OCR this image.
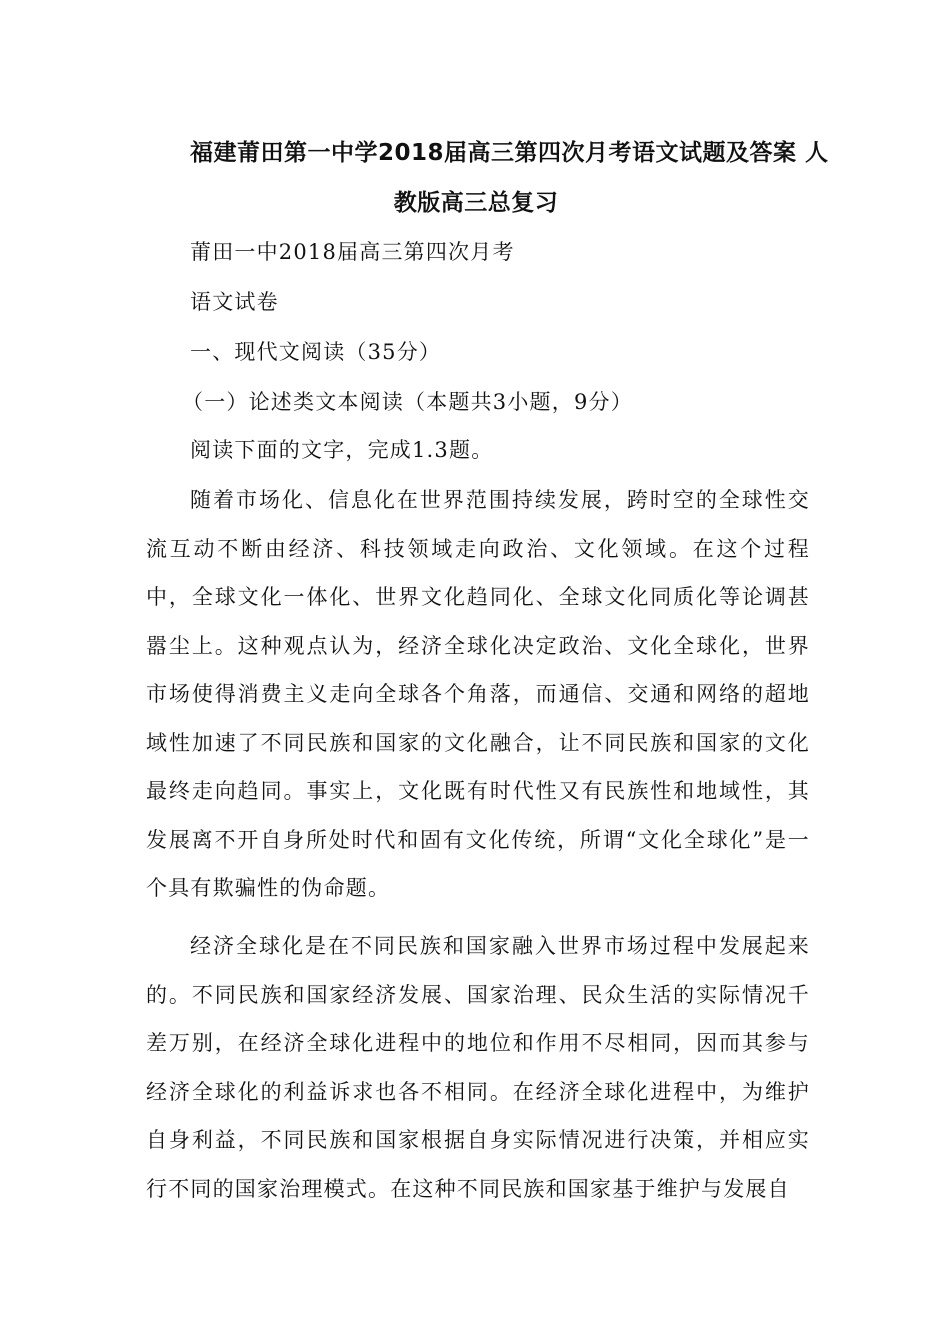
福建莆田第一中学2018届高三第四次月考语文试题及答案 人
教版高三总复习
莆田一中2018届高三第四次月考
语文试卷
一、现代文阅读（35分）
（一）论述类文本阅读（本题共3小题，9分）
阅读下面的文字，完成1.3题。

随着市场化、信息化在世界范围持续发展，跨时空的全球性交流互动不断由经济、科技领域走向政治、文化领域。在这个过程中，全球文化一体化、世界文化趋同化、全球文化同质化等论调甚嚣尘上。这种观点认为，经济全球化决定政治、文化全球化，世界市场使得消费主义走向全球各个角落，而通信、交通和网络的超地域性加速了不同民族和国家的文化融合，让不同民族和国家的文化最终走向趋同。事实上，文化既有时代性又有民族性和地域性，其发展离不开自身所处时代和固有文化传统，所谓“文化全球化”是一个具有欺骗性的伪命题。

经济全球化是在不同民族和国家融入世界市场过程中发展起来的。不同民族和国家经济发展、国家治理、民众生活的实际情况千差万别，在经济全球化进程中的地位和作用不尽相同，因而其参与经济全球化的利益诉求也各不相同。在经济全球化进程中，为维护自身利益，不同民族和国家根据自身实际情况进行决策，并相应实行不同的国家治理模式。在这种不同民族和国家基于维护与发展自
